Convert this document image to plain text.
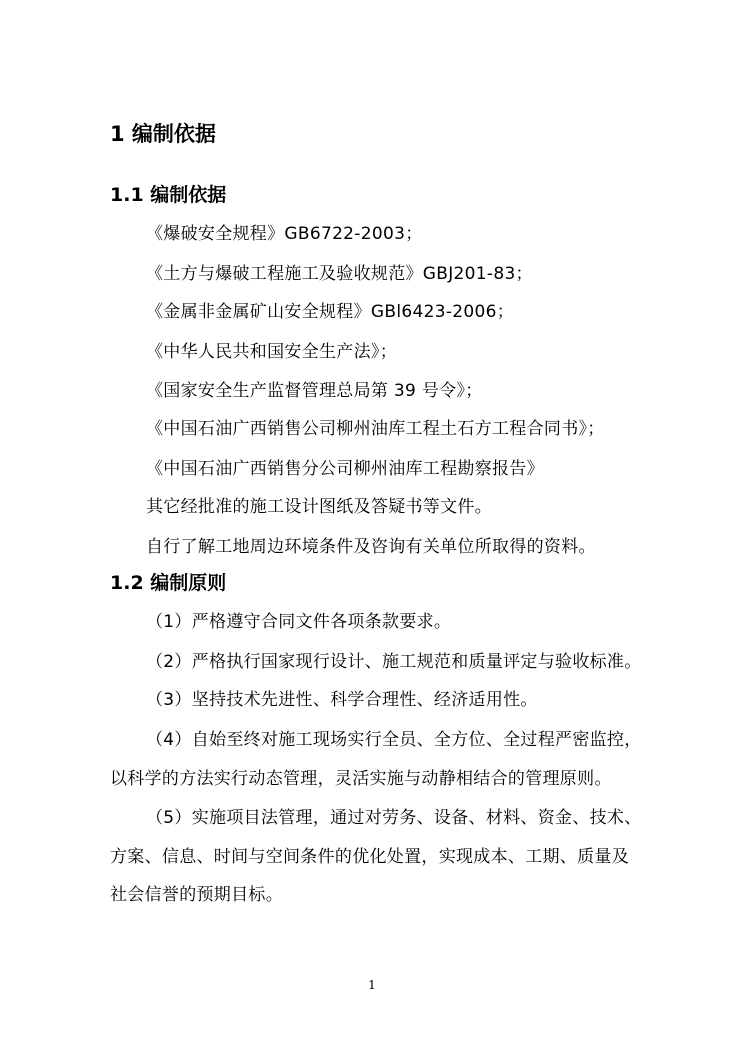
1 编制依据
1.1 编制依据
《爆破安全规程》GB6722-2003；
《土方与爆破工程施工及验收规范》GBJ201-83；
《金属非金属矿山安全规程》GBl6423-2006；
《中华人民共和国安全生产法》；
《国家安全生产监督管理总局第 39 号令》；
《中国石油广西销售公司柳州油库工程土石方工程合同书》；
《中国石油广西销售分公司柳州油库工程勘察报告》
其它经批准的施工设计图纸及答疑书等文件。
自行了解工地周边环境条件及咨询有关单位所取得的资料。
1.2 编制原则
（1）严格遵守合同文件各项条款要求。
（2）严格执行国家现行设计、施工规范和质量评定与验收标准。
（3）坚持技术先进性、科学合理性、经济适用性。
（4）自始至终对施工现场实行全员、全方位、全过程严密监控，
以科学的方法实行动态管理，灵活实施与动静相结合的管理原则。
（5）实施项目法管理，通过对劳务、设备、材料、资金、技术、
方案、信息、时间与空间条件的优化处置，实现成本、工期、质量及
社会信誉的预期目标。
1
